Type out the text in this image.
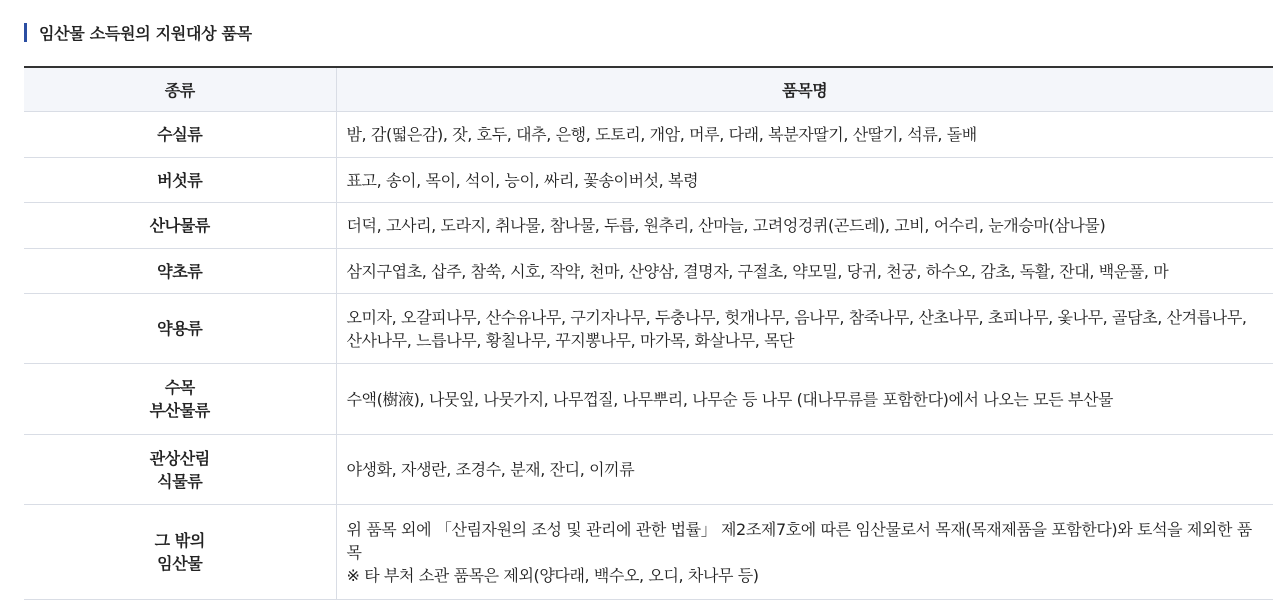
임산물 소득원의 지원대상 품목
종류	품목명

수실류	밤, 감(떫은감), 잣, 호두, 대추, 은행, 도토리, 개암, 머루, 다래, 복분자딸기, 산딸기, 석류, 돌배

버섯류	표고, 송이, 목이, 석이, 능이, 싸리, 꽃송이버섯, 복령

산나물류	더덕, 고사리, 도라지, 취나물, 참나물, 두릅, 원추리, 산마늘, 고려엉겅퀴(곤드레), 고비, 어수리, 눈개승마(삼나물)

약초류	삼지구엽초, 삽주, 참쑥, 시호, 작약, 천마, 산양삼, 결명자, 구절초, 약모밀, 당귀, 천궁, 하수오, 감초, 독활, 잔대, 백운풀, 마

약용류	오미자, 오갈피나무, 산수유나무, 구기자나무, 두충나무, 헛개나무, 음나무, 참죽나무, 산초나무, 초피나무, 옻나무, 골담초, 산겨릅나무, 산사나무, 느릅나무, 황칠나무, 꾸지뽕나무, 마가목, 화살나무, 목단

수목
부산물류	수액(樹液), 나뭇잎, 나뭇가지, 나무껍질, 나무뿌리, 나무순 등 나무 (대나무류를 포함한다)에서 나오는 모든 부산물

관상산림
식물류	야생화, 자생란, 조경수, 분재, 잔디, 이끼류

그 밖의
임산물	위 품목 외에 「산림자원의 조성 및 관리에 관한 법률」 제2조제7호에 따른 임산물로서 목재(목재제품을 포함한다)와 토석을 제외한 품목
※ 타 부처 소관 품목은 제외(양다래, 백수오, 오디, 차나무 등)
